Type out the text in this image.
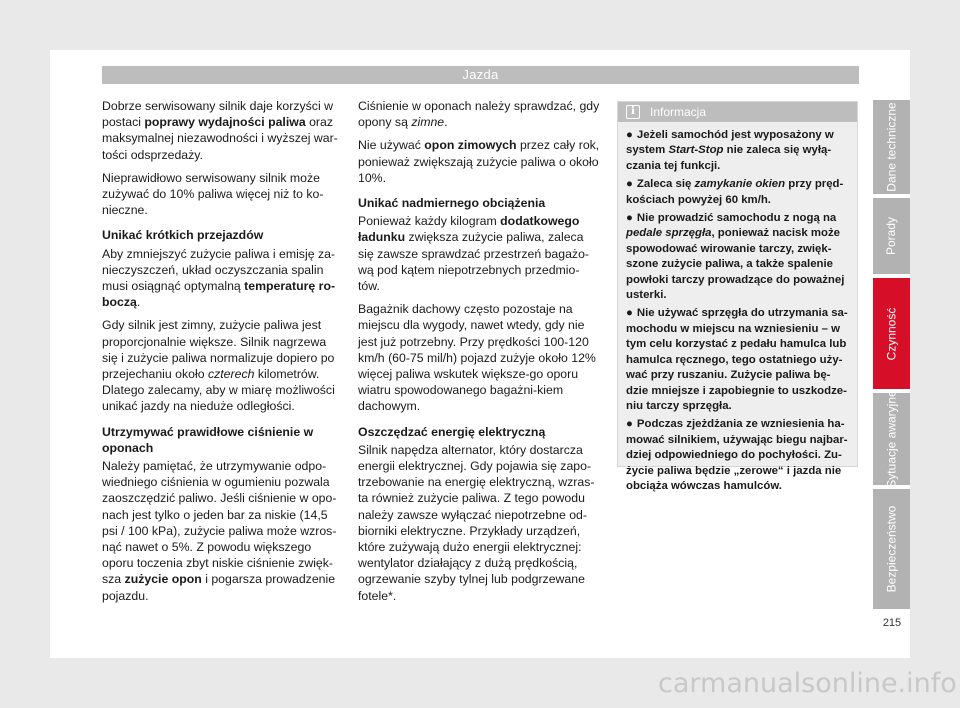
Jazda

Dobrze serwisowany silnik daje korzyści w postaci poprawy wydajności paliwa oraz maksymalnej niezawodności i wyższej war-tości odsprzedaży.

Nieprawidłowo serwisowany silnik może zużywać do 10% paliwa więcej niż to ko-nieczne.

Unikać krótkich przejazdów

Aby zmniejszyć zużycie paliwa i emisję za-nieczyszczeń, układ oczyszczania spalin musi osiągnąć optymalną temperaturę ro-boczą.

Gdy silnik jest zimny, zużycie paliwa jest proporcjonalnie większe. Silnik nagrzewa się i zużycie paliwa normalizuje dopiero po przejechaniu około czterech kilometrów. Dlatego zalecamy, aby w miarę możliwości unikać jazdy na nieduże odległości.

Utrzymywać prawidłowe ciśnienie w oponach

Należy pamiętać, że utrzymywanie odpo-wiedniego ciśnienia w ogumieniu pozwala zaoszczędzić paliwo. Jeśli ciśnienie w opo-nach jest tylko o jeden bar za niskie (14,5 psi / 100 kPa), zużycie paliwa może wzros-nąć nawet o 5%. Z powodu większego oporu toczenia zbyt niskie ciśnienie zwięk-sza zużycie opon i pogarsza prowadzenie pojazdu.

Ciśnienie w oponach należy sprawdzać, gdy opony są zimne.

Nie używać opon zimowych przez cały rok, ponieważ zwiększają zużycie paliwa o około 10%.

Unikać nadmiernego obciążenia

Ponieważ każdy kilogram dodatkowego ładunku zwiększa zużycie paliwa, zaleca się zawsze sprawdzać przestrzeń bagażo-wą pod kątem niepotrzebnych przedmio-tów.

Bagażnik dachowy często pozostaje na miejscu dla wygody, nawet wtedy, gdy nie jest już potrzebny. Przy prędkości 100-120 km/h (60-75 mil/h) pojazd zużyje około 12% więcej paliwa wskutek większe-go oporu wiatru spowodowanego bagażni-kiem dachowym.

Oszczędzać energię elektryczną

Silnik napędza alternator, który dostarcza energii elektrycznej. Gdy pojawia się zapo-trzebowanie na energię elektryczną, wzras-ta również zużycie paliwa. Z tego powodu należy zawsze wyłączać niepotrzebne od-biorniki elektryczne. Przykłady urządzeń, które zużywają dużo energii elektrycznej: wentylator działający z dużą prędkością, ogrzewanie szyby tylnej lub podgrzewane fotele*.

i	Informacja

● Jeżeli samochód jest wyposażony w system Start-Stop nie zaleca się wyłą-czania tej funkcji.

● Zaleca się zamykanie okien przy pręd-kościach powyżej 60 km/h.

● Nie prowadzić samochodu z nogą na pedale sprzęgła, ponieważ nacisk może spowodować wirowanie tarczy, zwięk-szone zużycie paliwa, a także spalenie powłoki tarczy prowadzące do poważnej usterki.

● Nie używać sprzęgła do utrzymania sa-mochodu w miejscu na wzniesieniu – w tym celu korzystać z pedału hamulca lub hamulca ręcznego, tego ostatniego uży-wać przy ruszaniu. Zużycie paliwa bę-dzie mniejsze i zapobiegnie to uszkodze-niu tarczy sprzęgła.

● Podczas zjeżdżania ze wzniesienia ha-mować silnikiem, używając biegu najbar-dziej odpowiedniego do pochyłości. Zu-życie paliwa będzie „zerowe“ i jazda nie obciąża wówczas hamulców.

Dane techniczne
Porady
Czynność
Sytuacje awaryjne
Bezpieczeństwo
215
carmanualsonline.info
